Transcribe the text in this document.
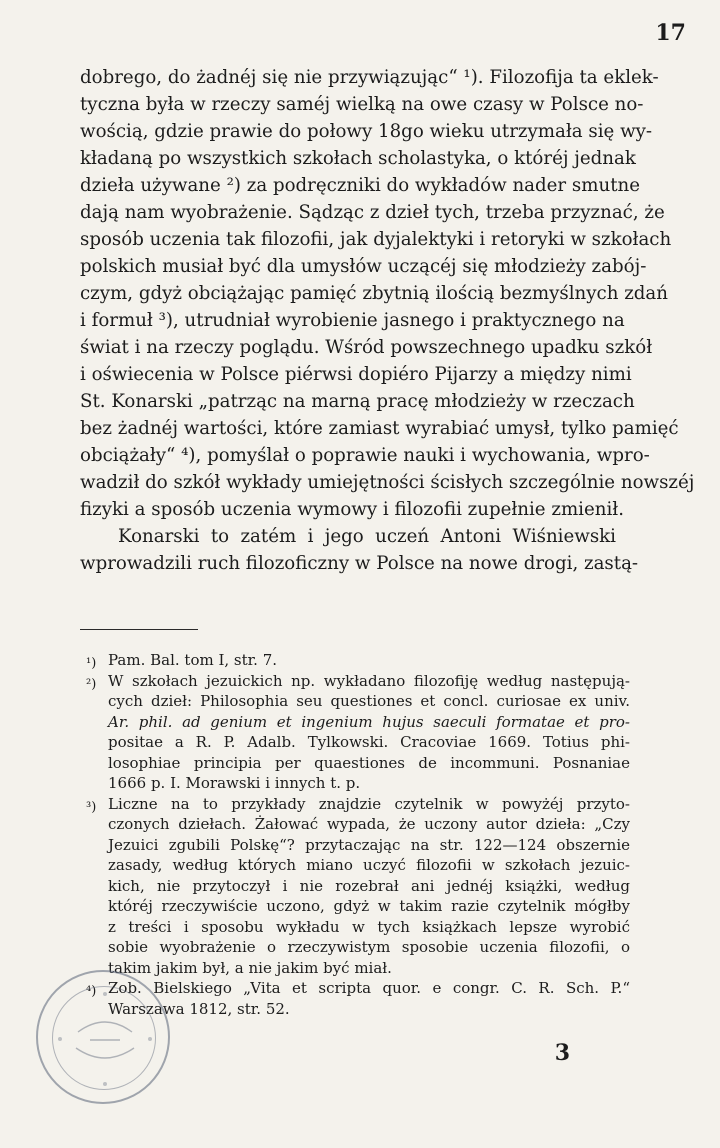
17
dobrego, do żadnéj się nie przywiązując“ ¹). Filozofija ta eklek-
tyczna była w rzeczy saméj wielką na owe czasy w Polsce no-
wością, gdzie prawie do połowy 18go wieku utrzymała się wy-
kładaną po wszystkich szkołach scholastyka, o któréj jednak
dzieła używane ²) za podręczniki do wykładów nader smutne
dają nam wyobrażenie. Sądząc z dzieł tych, trzeba przyznać, że
sposób uczenia tak filozofii, jak dyjalektyki i retoryki w szkołach
polskich musiał być dla umysłów uczącéj się młodzieży zabój-
czym, gdyż obciążając pamięć zbytnią ilością bezmyślnych zdań
i formuł ³), utrudniał wyrobienie jasnego i praktycznego na
świat i na rzeczy poglądu. Wśród powszechnego upadku szkół
i oświecenia w Polsce piérwsi dopiéro Pijarzy a między nimi
St. Konarski „patrząc na marną pracę młodzieży w rzeczach
bez żadnéj wartości, które zamiast wyrabiać umysł, tylko pamięć
obciążały“ ⁴), pomyślał o poprawie nauki i wychowania, wpro-
wadził do szkół wykłady umiejętności ścisłych szczególnie nowszéj
fizyki a sposób uczenia wymowy i filozofii zupełnie zmienił.
Konarski to zatém i jego uczeń Antoni Wiśniewski
wprowadzili ruch filozoficzny w Polsce na nowe drogi, zastą-
¹) Pam. Bal. tom I, str. 7.
²) W szkołach jezuickich np. wykładano filozofiję według następują-
cych dzieł: Philosophia seu questiones et concl. curiosae ex univ.
Ar. phil. ad genium et ingenium hujus saeculi formatae et pro-
positae a R. P. Adalb. Tylkowski. Cracoviae 1669. Totius phi-
losophiae principia per quaestiones de incommuni. Posnaniae
1666 p. I. Morawski i innych t. p.
³) Liczne na to przykłady znajdzie czytelnik w powyżéj przyto-
czonych dziełach. Żałować wypada, że uczony autor dzieła: „Czy
Jezuici zgubili Polskę“? przytaczając na str. 122—124 obszernie
zasady, według których miano uczyć filozofii w szkołach jezuic-
kich, nie przytoczył i nie rozebrał ani jednéj książki, według
któréj rzeczywiście uczono, gdyż w takim razie czytelnik mógłby
z treści i sposobu wykładu w tych książkach lepsze wyrobić
sobie wyobrażenie o rzeczywistym sposobie uczenia filozofii, o
takim jakim był, a nie jakim być miał.
⁴) Zob. Bielskiego „Vita et scripta quor. e congr. C. R. Sch. P.“
Warszawa 1812, str. 52.
3
